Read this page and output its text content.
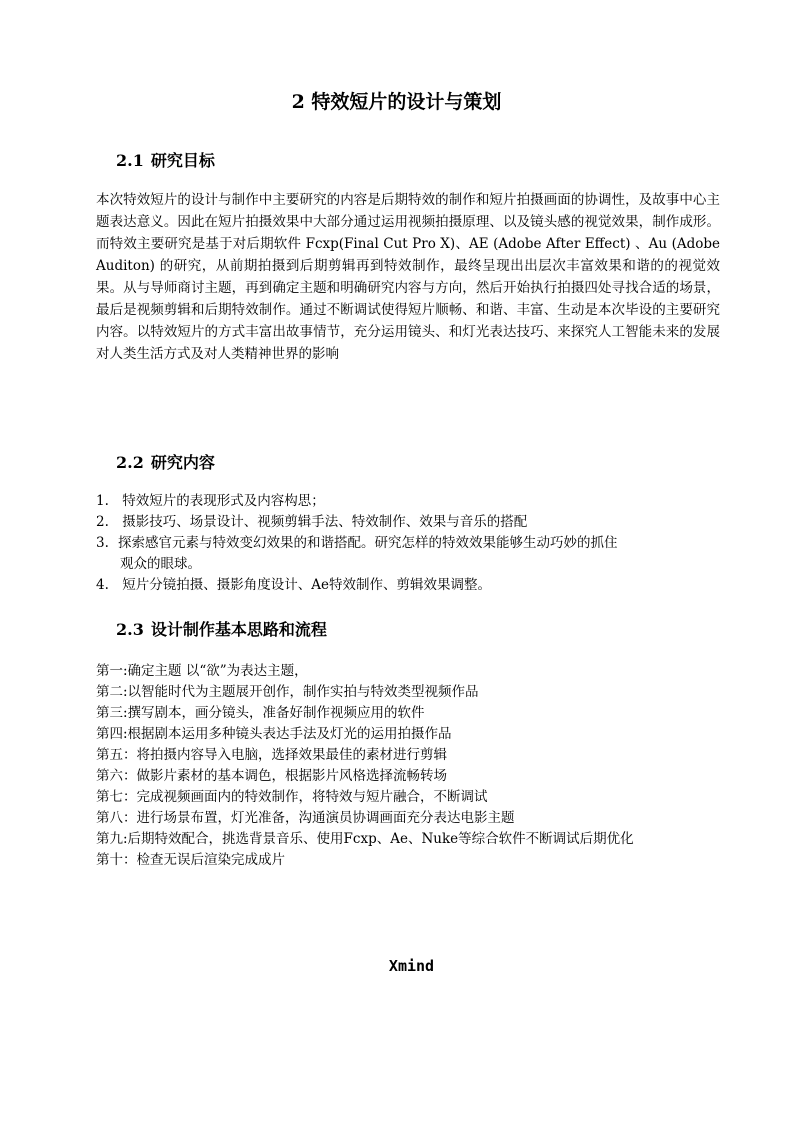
2 特效短片的设计与策划
2.1 研究目标

本次特效短片的设计与制作中主要研究的内容是后期特效的制作和短片拍摄画面的协调性，及故事中心主题表达意义。因此在短片拍摄效果中大部分通过运用视频拍摄原理、以及镜头感的视觉效果，制作成形。而特效主要研究是基于对后期软件 Fcxp(Final Cut Pro X)、AE (Adobe After Effect) 、Au (Adobe Auditon) 的研究，从前期拍摄到后期剪辑再到特效制作，最终呈现出出层次丰富效果和谐的的视觉效果。从与导师商讨主题，再到确定主题和明确研究内容与方向，然后开始执行拍摄四处寻找合适的场景，最后是视频剪辑和后期特效制作。通过不断调试使得短片顺畅、和谐、丰富、生动是本次毕设的主要研究内容。以特效短片的方式丰富出故事情节，充分运用镜头、和灯光表达技巧、来探究人工智能未来的发展对人类生活方式及对人类精神世界的影响

2.2 研究内容
1. 特效短片的表现形式及内容构思；
2. 摄影技巧、场景设计、视频剪辑手法、特效制作、效果与音乐的搭配
3. 探索感官元素与特效变幻效果的和谐搭配。研究怎样的特效效果能够生动巧妙的抓住
观众的眼球。
4. 短片分镜拍摄、摄影角度设计、Ae特效制作、剪辑效果调整。
2.3 设计制作基本思路和流程
第一:确定主题 以“欲”为表达主题，
第二:以智能时代为主题展开创作，制作实拍与特效类型视频作品
第三:撰写剧本，画分镜头，准备好制作视频应用的软件
第四:根据剧本运用多种镜头表达手法及灯光的运用拍摄作品
第五：将拍摄内容导入电脑，选择效果最佳的素材进行剪辑
第六：做影片素材的基本调色，根据影片风格选择流畅转场
第七：完成视频画面内的特效制作，将特效与短片融合，不断调试
第八：进行场景布置，灯光准备，沟通演员协调画面充分表达电影主题
第九:后期特效配合，挑选背景音乐、使用Fcxp、Ae、Nuke等综合软件不断调试后期优化
第十：检查无误后渲染完成成片

Xmind
